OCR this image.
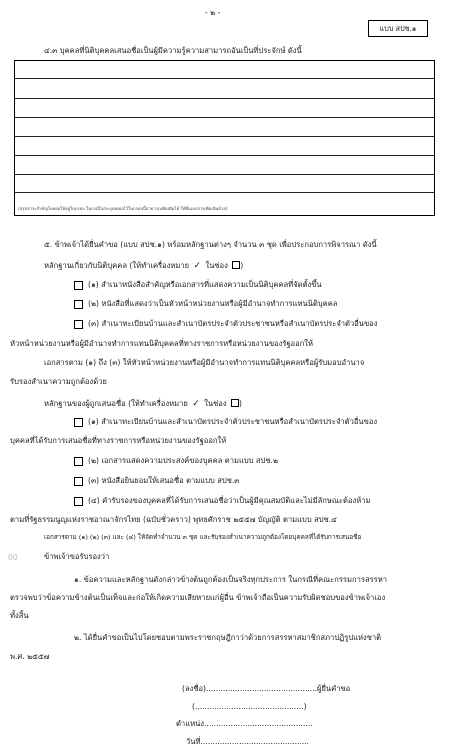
- ๒ -
แบบ สปช.๑
๔.๓ บุคคลที่นิติบุคคลเสนอชื่อเป็นผู้มีความรู้ความสามารถอันเป็นที่ประจักษ์ ดังนี้
(สรุปสาระสำคัญโดยย่อให้อยู่ในกรอบ ในกรณีไม่ระบุเหตุผลไว้ในกรอบนี้สามารถเพิ่มเติมได้ ให้ยื่นเอกสารเพิ่มเติมด้วย)
๕. ข้าพเจ้าได้ยื่นคำขอ (แบบ สปช.๑) พร้อมหลักฐานต่างๆ จำนวน ๓ ชุด เพื่อประกอบการพิจารณา ดังนี้
หลักฐานเกี่ยวกับนิติบุคคล (ให้ทำเครื่องหมาย ✓ ในช่อง )
(๑) สำเนาหนังสือสำคัญหรือเอกสารที่แสดงความเป็นนิติบุคคลที่จัดตั้งขึ้น
(๒) หนังสือที่แสดงว่าเป็นหัวหน้าหน่วยงานหรือผู้มีอำนาจทำการแทนนิติบุคคล
(๓) สำเนาทะเบียนบ้านและสำเนาบัตรประจำตัวประชาชนหรือสำเนาบัตรประจำตัวอื่นของ
หัวหน้าหน่วยงานหรือผู้มีอำนาจทำการแทนนิติบุคคลที่ทางราชการหรือหน่วยงานของรัฐออกให้
เอกสารตาม (๑) ถึง (๓) ให้หัวหน้าหน่วยงานหรือผู้มีอำนาจทำการแทนนิติบุคคลหรือผู้รับมอบอำนาจ
รับรองสำเนาความถูกต้องด้วย
หลักฐานของผู้ถูกเสนอชื่อ (ให้ทำเครื่องหมาย ✓ ในช่อง )
(๑) สำเนาทะเบียนบ้านและสำเนาบัตรประจำตัวประชาชนหรือสำเนาบัตรประจำตัวอื่นของ
บุคคลที่ได้รับการเสนอชื่อที่ทางราชการหรือหน่วยงานของรัฐออกให้
(๒) เอกสารแสดงความประสงค์ของบุคคล ตามแบบ สปช.๒
(๓) หนังสือยินยอมให้เสนอชื่อ ตามแบบ สปช.๓
(๔) คำรับรองของบุคคลที่ได้รับการเสนอชื่อว่าเป็นผู้มีคุณสมบัติและไม่มีลักษณะต้องห้าม
ตามที่รัฐธรรมนูญแห่งราชอาณาจักรไทย (ฉบับชั่วคราว) พุทธศักราช ๒๕๕๗ บัญญัติ ตามแบบ สปช.๔
เอกสารตาม (๑) (๒) (๓) และ (๔) ให้จัดทำจำนวน ๓ ชุด และรับรองสำเนาความถูกต้องโดยบุคคลที่ได้รับการเสนอชื่อ
00	ข้าพเจ้าขอรับรองว่า
๑. ข้อความและหลักฐานดังกล่าวข้างต้นถูกต้องเป็นจริงทุกประการ ในกรณีที่คณะกรรมการสรรหา
ตรวจพบว่าข้อความข้างต้นเป็นเท็จและก่อให้เกิดความเสียหายแก่ผู้อื่น ข้าพเจ้าถือเป็นความรับผิดชอบของข้าพเจ้าเอง
ทั้งสิ้น
๒. ได้ยื่นคำขอเป็นไปโดยชอบตามพระราชกฤษฎีกาว่าด้วยการสรรหาสมาชิกสภาปฏิรูปแห่งชาติ
พ.ศ. ๒๕๕๗
(ลงชื่อ)..............................................ผู้ยื่นคำขอ
(.............................................)
ตำแหน่ง.............................................
วันที่.............................................
